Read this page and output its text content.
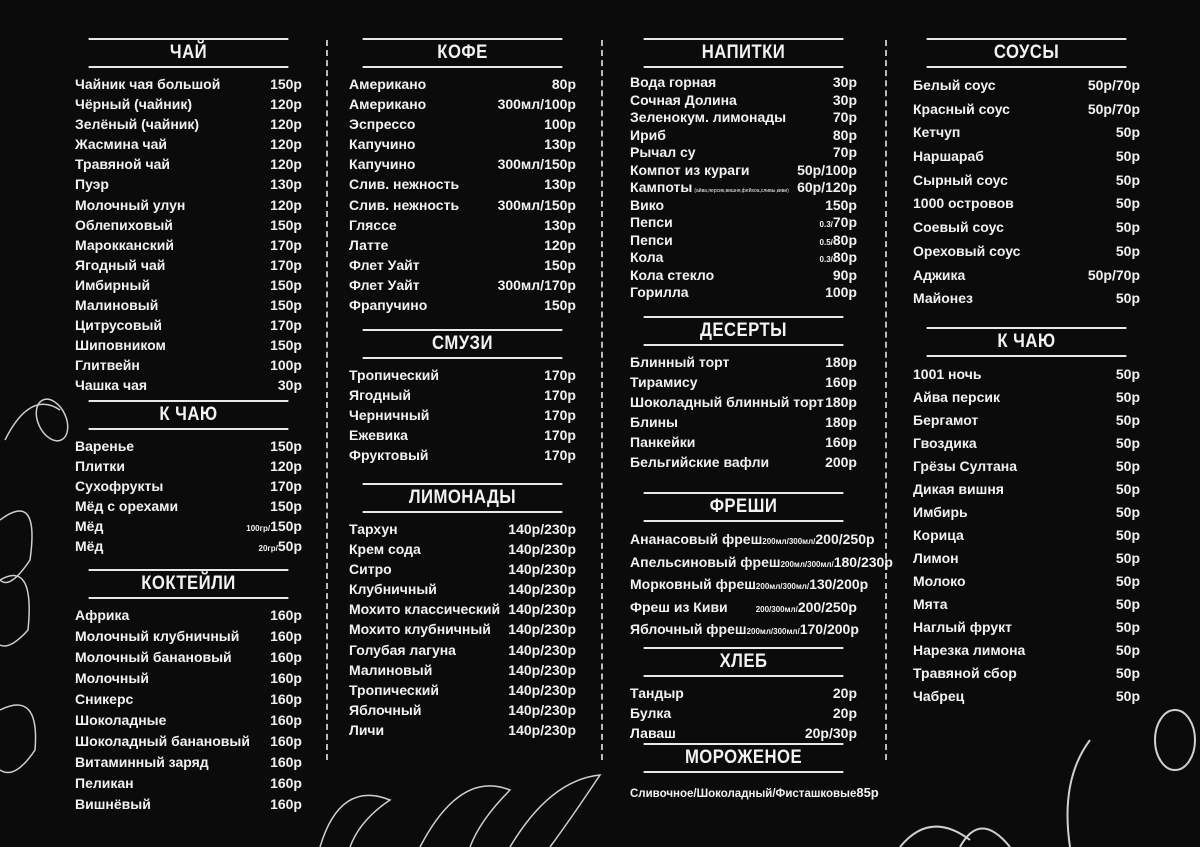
ЧАЙ
Чайник чая большой	150р
Чёрный (чайник)	120р
Зелёный (чайник)	120р
Жасмина чай	120р
Травяной чай	120р
Пуэр	130р
Молочный улун	120р
Облепиховый	150р
Марокканский	170р
Ягодный чай	170р
Имбирный	150р
Малиновый	150р
Цитрусовый	170р
Шиповником	150р
Глитвейн	100р
Чашка чая	30р
К ЧАЮ
Варенье	150р
Плитки	120р
Сухофрукты	170р
Мёд с орехами	150р
Мёд	100гр/150р
Мёд	20гр/50р
КОКТЕЙЛИ
Африка	160р
Молочный клубничный 160р
Молочный банановый	160р
Молочный	160р
Сникерс	160р
Шоколадные	160р
Шоколадный банановый 160р
Витаминный заряд	160р
Пеликан	160р
Вишнёвый	160р
КОФЕ
Американо	80р
Американо	300мл/100р
Эспрессо	100р
Капучино	130р
Капучино	300мл/150р
Слив. нежность	130р
Слив. нежность	300мл/150р
Гляссе	130р
Латте	120р
Флет Уайт	150р
Флет Уайт	300мл/170р
Фрапучино	150р
СМУЗИ
Тропический	170р
Ягодный	170р
Черничный	170р
Ежевика	170р
Фруктовый	170р
ЛИМОНАДЫ
Тархун	140р/230р
Крем сода	140р/230р
Ситро	140р/230р
Клубничный	140р/230р
Мохито классический 140р/230р
Мохито клубничный 140р/230р
Голубая лагуна	140р/230р
Малиновый	140р/230р
Тропический	140р/230р
Яблочный	140р/230р
Личи	140р/230р
НАПИТКИ
Вода горная	30р
Сочная Долина	30р
Зеленокум. лимонады	70р
Ириб	80р
Рычал су	70р
Компот из кураги	50р/100р
Кампоты (айва,персик,вишня,фейхоа,сливы,киви) 60р/120р
Вико	150р
Пепси	0.3/70р
Пепси	0.5/80р
Кола	0.3/80р
Кола стекло	90р
Горилла	100р
ДЕСЕРТЫ
Блинный торт	180р
Тирамису	160р
Шоколадный блинный торт 180р
Блины	180р
Панкейки	160р
Бельгийские вафли	200р
ФРЕШИ
Ананасовый фреш 200мл/300мл/200/250р
Апельсиновый фреш 200мл/300мл/180/230р
Морковный фреш 200мл/300мл/130/200р
Фреш из Киви	200/300мл/200/250р
Яблочный фреш 200мл/300мл/170/200р
ХЛЕБ
Тандыр	20р
Булка	20р
Лаваш	20р/30р
МОРОЖЕНОЕ
Сливочное/Шоколадный/Фисташковые 85р
СОУСЫ
Белый соус	50р/70р
Красный соус	50р/70р
Кетчуп	50р
Наршараб	50р
Сырный соус	50р
1000 островов	50р
Соевый соус	50р
Ореховый соус	50р
Аджика	50р/70р
Майонез	50р
К ЧАЮ
1001 ночь	50р
Айва персик	50р
Бергамот	50р
Гвоздика	50р
Грёзы Султана	50р
Дикая вишня	50р
Имбирь	50р
Корица	50р
Лимон	50р
Молоко	50р
Мята	50р
Наглый фрукт	50р
Нарезка лимона	50р
Травяной сбор	50р
Чабрец	50р
